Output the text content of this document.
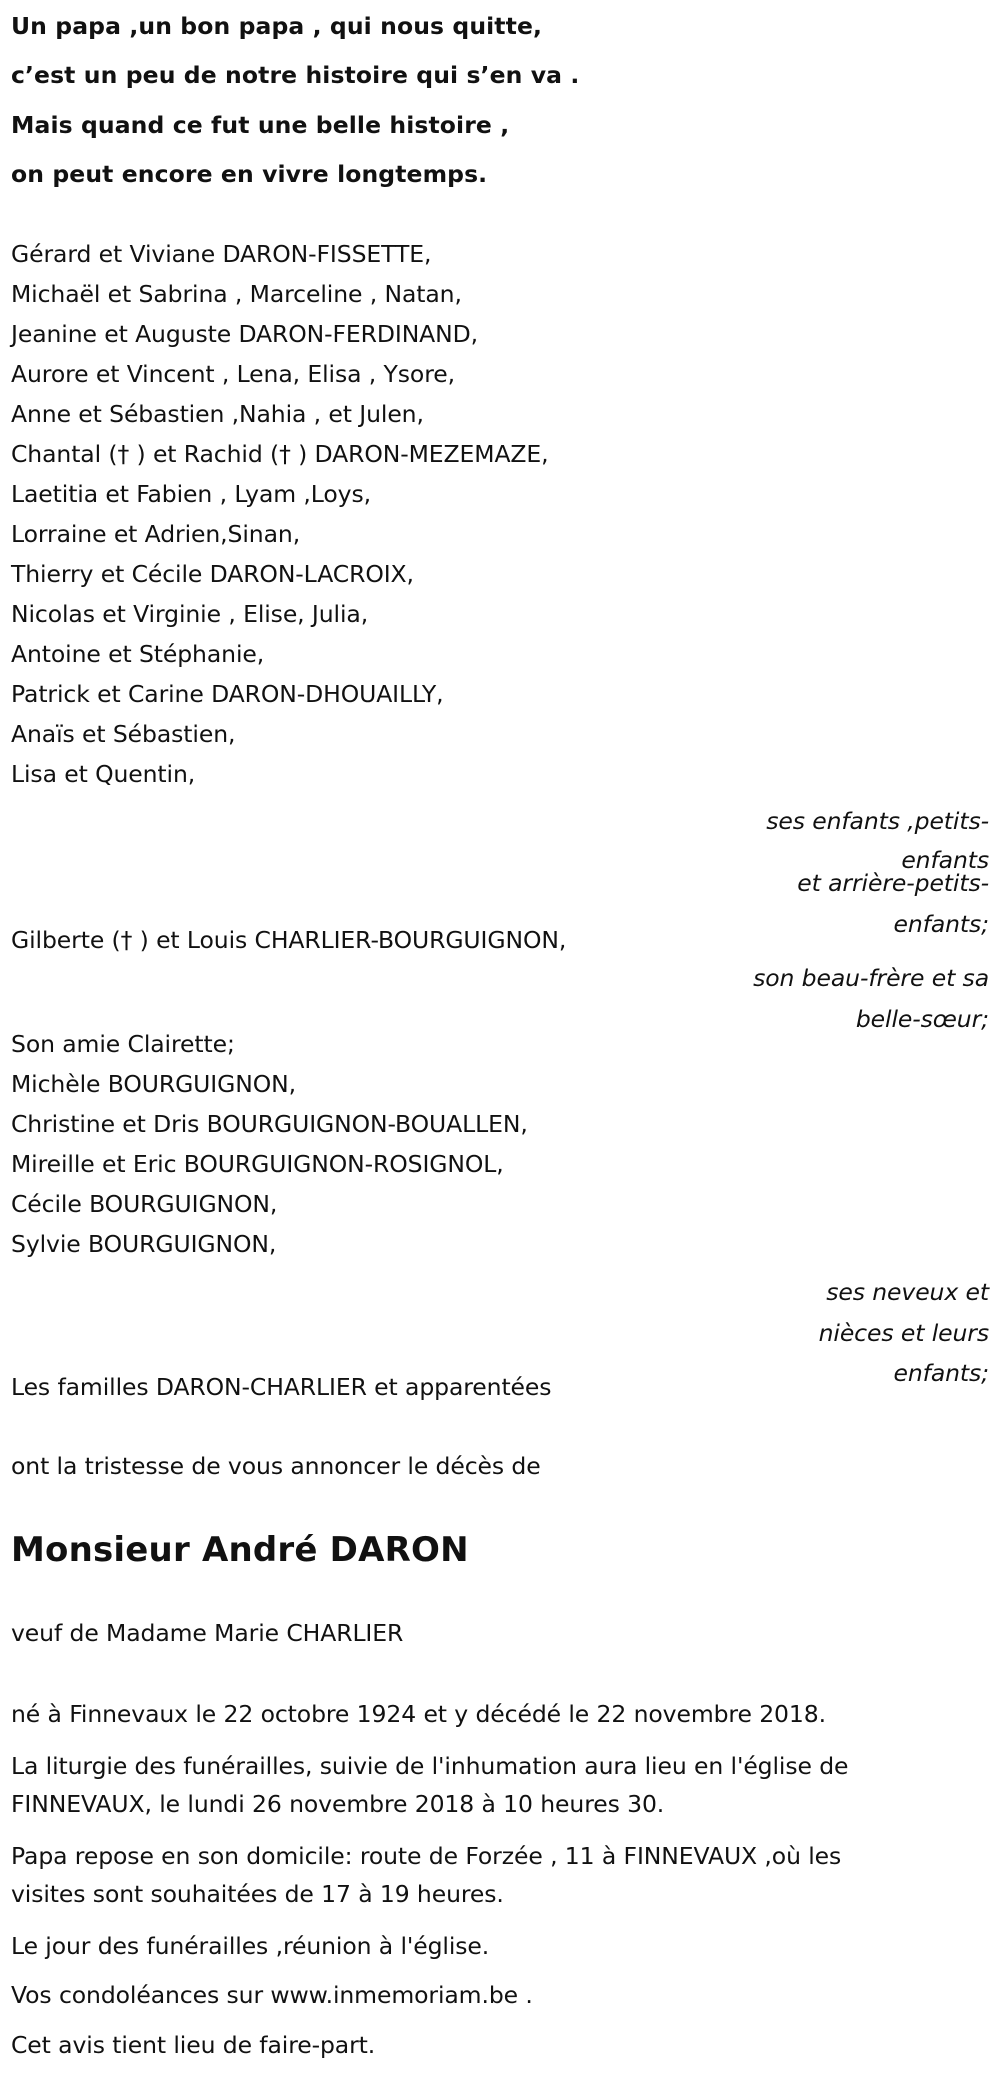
Un papa ,un bon papa , qui nous quitte,

c’est un peu de notre histoire qui s’en va .

Mais quand ce fut une belle histoire ,

on peut encore en vivre longtemps.

Gérard et Viviane DARON-FISSETTE,

Michaël et Sabrina , Marceline , Natan,

Jeanine et Auguste DARON-FERDINAND,

Aurore et Vincent , Lena, Elisa , Ysore,

Anne et Sébastien ,Nahia , et Julen,

Chantal († ) et Rachid († ) DARON-MEZEMAZE,

Laetitia et Fabien , Lyam ,Loys,

Lorraine et Adrien,Sinan,

Thierry et Cécile DARON-LACROIX,

Nicolas et Virginie , Elise, Julia,

Antoine et Stéphanie,

Patrick et Carine DARON-DHOUAILLY,

Anaïs et Sébastien,

Lisa et Quentin,

ses enfants ,petits-

enfants

et arrière-petits-

enfants;

Gilberte († ) et Louis CHARLIER-BOURGUIGNON,

son beau-frère et sa

belle-sœur;

Son amie Clairette;

Michèle BOURGUIGNON,

Christine et Dris BOURGUIGNON-BOUALLEN,

Mireille et Eric BOURGUIGNON-ROSIGNOL,

Cécile BOURGUIGNON,

Sylvie BOURGUIGNON,

ses neveux et

nièces et leurs

enfants;

Les familles DARON-CHARLIER et apparentées

ont la tristesse de vous annoncer le décès de

Monsieur André DARON

veuf de Madame Marie CHARLIER

né à Finnevaux le 22 octobre 1924 et y décédé le 22 novembre 2018.

La liturgie des funérailles, suivie de l'inhumation aura lieu en l'église de

FINNEVAUX, le lundi 26 novembre 2018 à 10 heures 30.

Papa repose en son domicile: route de Forzée , 11 à FINNEVAUX ,où les

visites sont souhaitées de 17 à 19 heures.

Le jour des funérailles ,réunion à l'église.

Vos condoléances sur www.inmemoriam.be .

Cet avis tient lieu de faire-part.
